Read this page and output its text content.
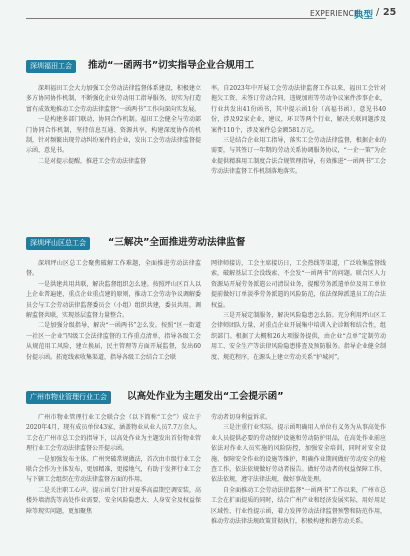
EXPERIENCE
典型 / 25
深圳福田工会	推动“一函两书”切实指导企业合规用工

深圳福田工会大力加强工会劳动法律监督体系建设，积极建立多方协同协作机制，不断强化企业劳动用工指导服务，切实为打造富有成效地推动工会劳动法律监督“一函两书”工作向深向实发展。

一是构建多部门联动，协同合作机制。福田工会健全与劳动部门协同合作机制，坚持信息互通、资源共享，构建深度协作的机制，针对频繁出现劳动纠纷案件的企业，发出工会劳动法律监督提示函、意见书。

二是对提示提醒，推进工会劳动法律监督

率。自2023年中开展工会劳动法律监督工作以来，福田工会针对拖欠工资、未签订劳动合同、违规加班等劳动争议案件涉事企业，行业共发出41份函书，其中提示函1份（高福书函）、意见书40份，涉及92家企业，建议，环卫等两个行业，解决关联问题涉及案件110个，涉及案件总金额581万元。

三是结合企业用工指导，落实工会劳动法律监督，根据企业的需要，与其签订一年期的劳动关系协调服务协议，“一企一策”为企业提供精准用工制度合法合规管理指导，有效推进“一函两书”工会劳动法律监督工作机制落地落实。

深圳坪山区总工会	“三解决”全面推进劳动法律监督

深圳坪山区总工会聚焦破解工作难题，全面推进劳动法律监督。

一是洪建共用共联，解决监督组织怎么建。按照坪山区百人以上企业普遍建，重点企业重点建的原则，推动工会劳动争议调解委员会与工会劳动法律监督委员会（小组）组织共建，委员共用，调解监督共联，实现基层监督力量整合。

二是加强分级指导，解决“一函两书”怎么发。按照“区一街道一社区一企业”四级工会法律监督的工作重点清单，指导各级工会从规范用工风险，建立换届，民主管理等方面开展监督，发出60份提示函。拓宽线索收集渠道，指导各级工会结合工会联

网律师接访，工会主席接访日，工会热线等渠道，广泛收集监督线索，破解基层工会没线索、不会发“一函两书”的问题。联合区人力资源局开展劳务派遣公司清误业务，提醒劳务派遣单位及用工单位提前做好订单淡季劳务派遣的风险防范，依法保障派遣员工的合法权益。

三是开展定制服务，解决风险隐患怎么防。充分利用坪山区工会律师团队力量，对重点企业开展集中培训入企诊断和结合性，组织部门。根据了大概和26大项服务提供，由企业“点单”定制劳动用工、安全生产等法律风险隐患排查及预防服务。指导企业健全制度、规范程序，在源头上建立劳动关系“护城河”。

广州市物业管理行业工会	以高处作业为主题发出“工会提示函”

广州市物业管理行业工会联合会（以下简称“工会”）成立于2020年4月，现有成员单位43家，涵盖物业从业人员7.7万余人。工会在广州市总工会的指导下，以高处作业为主题发出首份物业管理行业工会劳动法律监督公开提示函。

一是加强发布主体。广州突破常规做法，首次由市级行业工会联合会作为主体发布，更加精准，更接地气，有助于发挥行业工会与下辖工会组织在劳动法律监督方面的作用。

二是关注职工心声。提示函专门针对夏季高温期空调安装，高楼外墙清洗等高处作业需要、安全风险隐患大、人身安全及权益保障等现实问题，更加聚焦

劳动者切身利益诉求。

三是注重行业实际。提示函明确用人单位有义务为从事高处作业人员提供必要的劳动保护设施和劳动防护用品，在高处作业前应依法对作业人员实施的风险防控，加强安全培训，同时对安全设施、保障安全作业的设施等维护，明确作业期间做好劳动安全的检查工作，依法依规做好劳动者报告。做好劳动者的权益保障工作，依法依规，遵守法律法规，做好事故处理。

自全面推动工会劳动法律监督“一函两书”工作以来，广州市总工会在扩面提质的同时，结合广州产业和经济发展实际，用好用足区域性、行业性提示函，着力发挥劳动法律监督预警和防范作用，推动劳动法律法规政策贯彻执行，积极构建和谐劳动关系。
